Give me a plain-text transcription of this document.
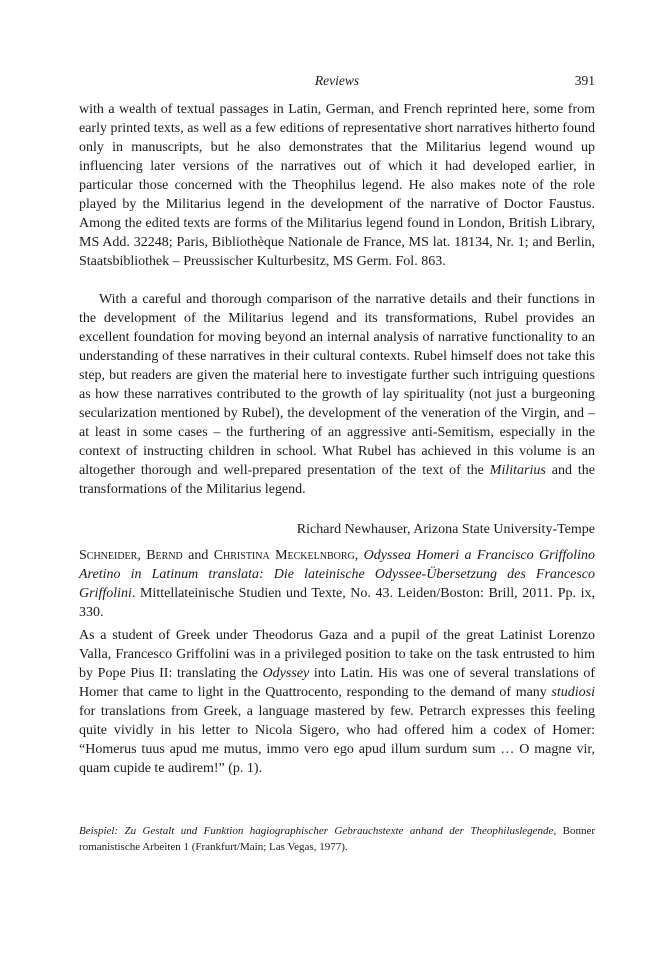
Reviews	391

with a wealth of textual passages in Latin, German, and French reprinted here, some from early printed texts, as well as a few editions of representative short narratives hitherto found only in manuscripts, but he also demonstrates that the Militarius legend wound up influencing later versions of the narratives out of which it had developed earlier, in particular those concerned with the Theophilus legend. He also makes note of the role played by the Militarius legend in the development of the narrative of Doctor Faustus. Among the edited texts are forms of the Militarius legend found in London, British Library, MS Add. 32248; Paris, Bibliothèque Nationale de France, MS lat. 18134, Nr. 1; and Berlin, Staatsbibliothek – Preussischer Kulturbesitz, MS Germ. Fol. 863.

With a careful and thorough comparison of the narrative details and their functions in the development of the Militarius legend and its transformations, Rubel provides an excellent foundation for moving beyond an internal analysis of narrative functionality to an understanding of these narratives in their cultural contexts. Rubel himself does not take this step, but readers are given the material here to investigate further such intriguing questions as how these narratives contributed to the growth of lay spirituality (not just a burgeoning secularization mentioned by Rubel), the development of the veneration of the Virgin, and – at least in some cases – the furthering of an aggressive anti-Semitism, especially in the context of instructing children in school. What Rubel has achieved in this volume is an altogether thorough and well-prepared presentation of the text of the Militarius and the transformations of the Militarius legend.

Richard Newhauser, Arizona State University-Tempe
Schneider, Bernd and Christina Meckelnborg, Odyssea Homeri a Francisco Griffolino Aretino in Latinum translata: Die lateinische Odyssee-Übersetzung des Francesco Griffolini. Mittellateinische Studien und Texte, No. 43. Leiden/Boston: Brill, 2011. Pp. ix, 330.

As a student of Greek under Theodorus Gaza and a pupil of the great Latinist Lorenzo Valla, Francesco Griffolini was in a privileged position to take on the task entrusted to him by Pope Pius II: translating the Odyssey into Latin. His was one of several translations of Homer that came to light in the Quattrocento, responding to the demand of many studiosi for translations from Greek, a language mastered by few. Petrarch expresses this feeling quite vividly in his letter to Nicola Sigero, who had offered him a codex of Homer: “Homerus tuus apud me mutus, immo vero ego apud illum surdum sum … O magne vir, quam cupide te audirem!” (p. 1).

Beispiel: Zu Gestalt und Funktion hagiographischer Gebrauchstexte anhand der Theophiluslegende, Bonner romanistische Arbeiten 1 (Frankfurt/Main; Las Vegas, 1977).
